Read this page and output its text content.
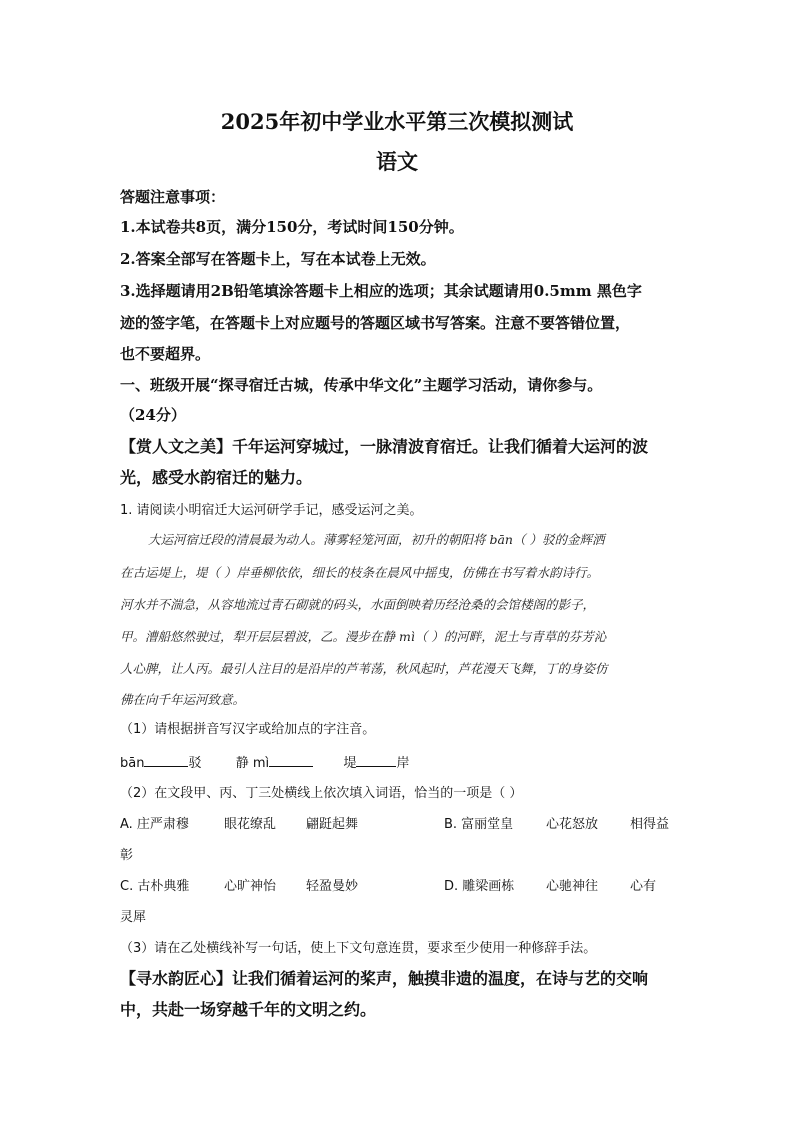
2025年初中学业水平第三次模拟测试
语文
答题注意事项：
1.本试卷共8页，满分150分，考试时间150分钟。
2.答案全部写在答题卡上，写在本试卷上无效。
3.选择题请用2B铅笔填涂答题卡上相应的选项；其余试题请用0.5mm 黑色字
迹的签字笔，在答题卡上对应题号的答题区域书写答案。注意不要答错位置，
也不要超界。
一、班级开展“探寻宿迁古城，传承中华文化”主题学习活动，请你参与。
（24分）
【赏人文之美】千年运河穿城过，一脉清波育宿迁。让我们循着大运河的波
光，感受水韵宿迁的魅力。
1. 请阅读小明宿迁大运河研学手记，感受运河之美。
大运河宿迁段的清晨最为动人。薄雾轻笼河面，初升的朝阳将 bān（ ）驳的金辉洒
在古运堤上，堤（ ）岸垂柳依依，细长的枝条在晨风中摇曳，仿佛在书写着水韵诗行。
河水并不湍急，从容地流过青石砌就的码头，水面倒映着历经沧桑的会馆楼阁的影子，
甲。漕船悠然驶过，犁开层层碧波，乙。漫步在静 mì（ ）的河畔，泥土与青草的芬芳沁
人心脾，让人丙。最引人注目的是沿岸的芦苇荡，秋风起时，芦花漫天飞舞，丁的身姿仿
佛在向千年运河致意。
（1）请根据拼音写汉字或给加点的字注音。
bān	驳	静 mì	堤	岸
（2）在文段甲、丙、丁三处横线上依次填入词语，恰当的一项是（ ）
A. 庄严肃穆	眼花缭乱 翩跹起舞	B. 富丽堂皇	心花怒放 相得益
彰
C. 古朴典雅	心旷神怡 轻盈曼妙	D. 雕梁画栋 心驰神往 心有
灵犀
（3）请在乙处横线补写一句话，使上下文句意连贯，要求至少使用一种修辞手法。
【寻水韵匠心】让我们循着运河的桨声，触摸非遗的温度，在诗与艺的交响
中，共赴一场穿越千年的文明之约。
